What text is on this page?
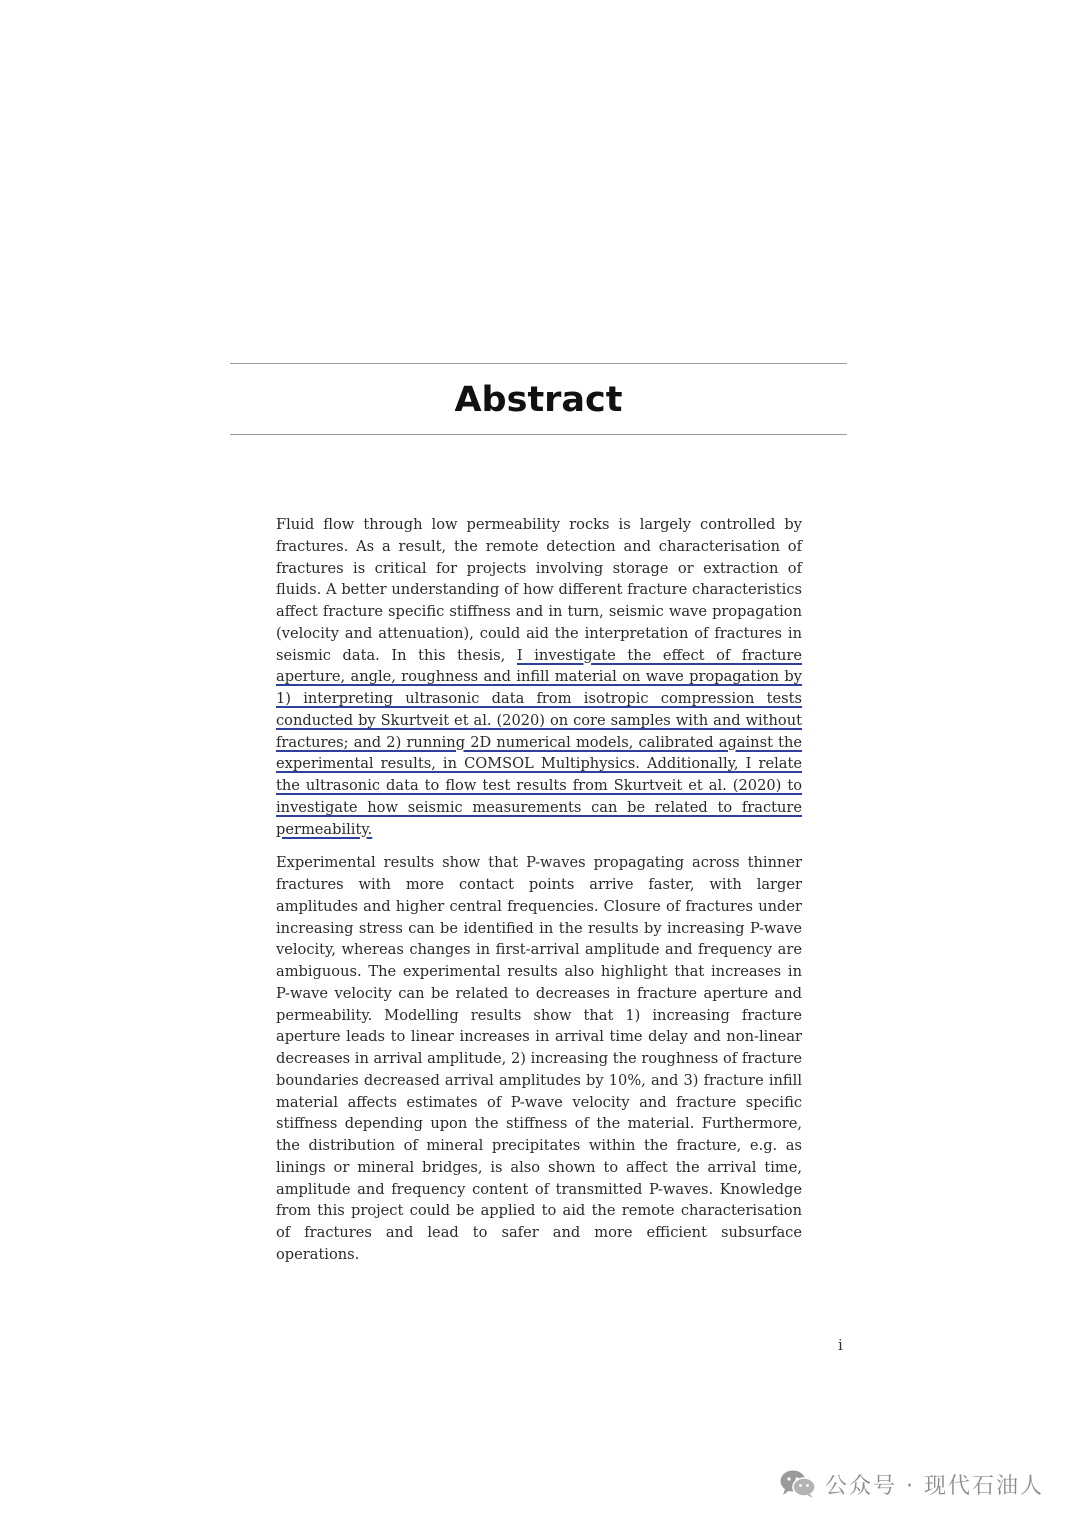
Abstract

Fluid flow through low permeability rocks is largely controlled by fractures. As a result, the remote detection and characterisation of fractures is critical for projects involving storage or extraction of fluids. A better understanding of how different fracture characteristics affect fracture specific stiffness and in turn, seismic wave propagation (velocity and attenuation), could aid the interpretation of fractures in seismic data. In this thesis, I investigate the effect of fracture aperture, angle, roughness and infill material on wave propagation by 1) interpreting ultrasonic data from isotropic compression tests conducted by Skurtveit et al. (2020) on core samples with and without fractures; and 2) running 2D numerical models, calibrated against the experimental results, in COMSOL Multiphysics. Additionally, I relate the ultrasonic data to flow test results from Skurtveit et al. (2020) to investigate how seismic measurements can be related to fracture permeability.

Experimental results show that P-waves propagating across thinner fractures with more contact points arrive faster, with larger amplitudes and higher central frequencies. Closure of fractures under increasing stress can be identified in the results by increasing P-wave velocity, whereas changes in first-arrival amplitude and frequency are ambiguous. The experimental results also highlight that increases in P-wave velocity can be related to decreases in fracture aperture and permeability. Modelling results show that 1) increasing fracture aperture leads to linear increases in arrival time delay and non-linear decreases in arrival amplitude, 2) increasing the roughness of fracture boundaries decreased arrival amplitudes by 10%, and 3) fracture infill material affects estimates of P-wave velocity and fracture specific stiffness depending upon the stiffness of the material. Furthermore, the distribution of mineral precipitates within the fracture, e.g. as linings or mineral bridges, is also shown to affect the arrival time, amplitude and frequency content of transmitted P-waves. Knowledge from this project could be applied to aid the remote characterisation of fractures and lead to safer and more efficient subsurface operations.

i
公众号 · 现代石油人
